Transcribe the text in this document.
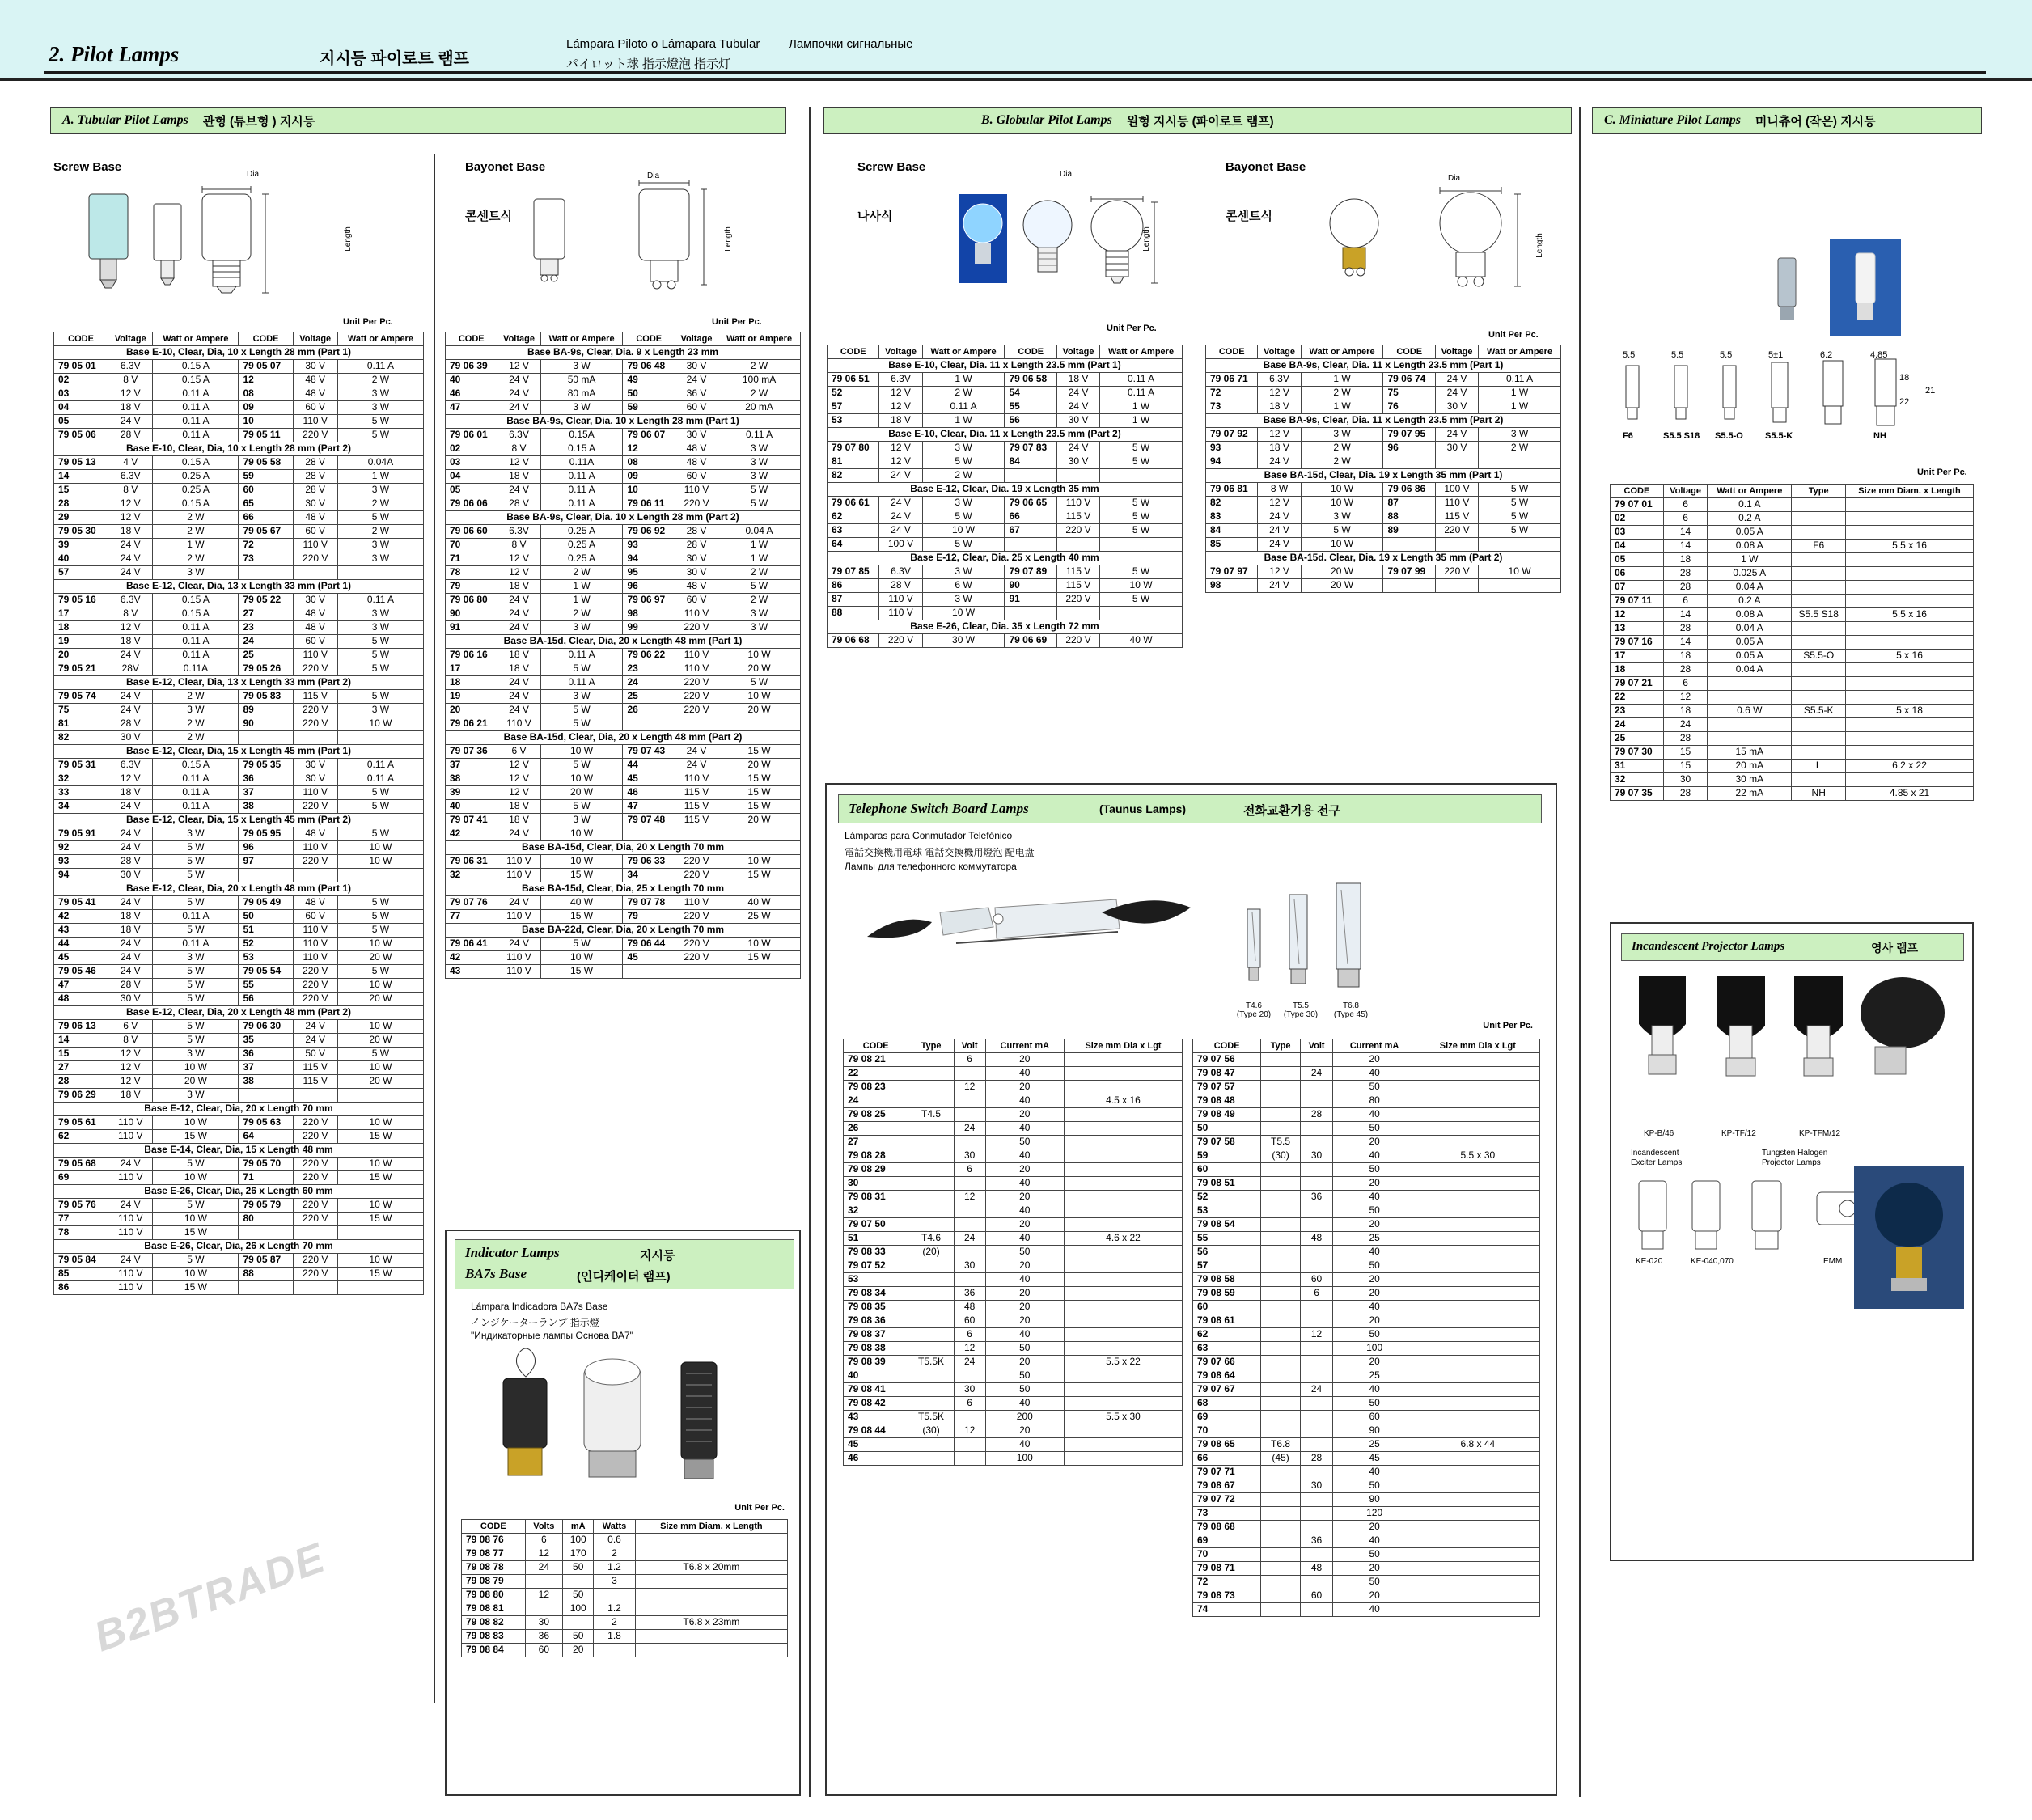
2. Pilot Lamps	지시등 파이로트 램프
Lámpara Piloto o Lámapara Tubular Лампочки сигнальные
パイロット球 指示燈泡 指示灯
A. Tubular Pilot Lamps 관형 (튜브형 ) 지시등	B. Globular Pilot Lamps 원형 지시등 (파이로트 램프)	C. Miniature Pilot Lamps 미니츄어 (작은) 지시등
Screw Base	Bayonet Base
콘센트식
Dia
Length
Unit Per Pc.
Dia
Length
Unit Per Pc.
CODE	Voltage	Watt or Ampere	CODE	Voltage	Watt or Ampere
Base E-10, Clear, Dia, 10 x Length 28 mm (Part 1)					
79 05 01	6.3V	0.15 A	79 05 07	30 V	0.11 A
02	8 V	0.15 A	12	48 V	2 W
03	12 V	0.11 A	08	48 V	3 W
04	18 V	0.11 A	09	60 V	3 W
05	24 V	0.11 A	10	110 V	5 W
79 05 06	28 V	0.11 A	79 05 11	220 V	5 W
Base E-10, Clear, Dia, 10 x Length 28 mm (Part 2)					
79 05 13	4 V	0.15 A	79 05 58	28 V	0.04A
14	6.3V	0.25 A	59	28 V	1 W
15	8 V	0.25 A	60	28 V	3 W
28	12 V	0.15 A	65	30 V	2 W
29	12 V	2 W	66	48 V	5 W
79 05 30	18 V	2 W	79 05 67	60 V	2 W
39	24 V	1 W	72	110 V	3 W
40	24 V	2 W	73	220 V	3 W
57	24 V	3 W			
Base E-12, Clear, Dia, 13 x Length 33 mm (Part 1)					
79 05 16	6.3V	0.15 A	79 05 22	30 V	0.11 A
17	8 V	0.15 A	27	48 V	3 W
18	12 V	0.11 A	23	48 V	3 W
19	18 V	0.11 A	24	60 V	5 W
20	24 V	0.11 A	25	110 V	5 W
79 05 21	28V	0.11A	79 05 26	220 V	5 W
Base E-12, Clear, Dia, 13 x Length 33 mm (Part 2)					
79 05 74	24 V	2 W	79 05 83	115 V	5 W
75	24 V	3 W	89	220 V	3 W
81	28 V	2 W	90	220 V	10 W
82	30 V	2 W			
Base E-12, Clear, Dia, 15 x Length 45 mm (Part 1)					
79 05 31	6.3V	0.15 A	79 05 35	30 V	0.11 A
32	12 V	0.11 A	36	30 V	0.11 A
33	18 V	0.11 A	37	110 V	5 W
34	24 V	0.11 A	38	220 V	5 W
Base E-12, Clear, Dia, 15 x Length 45 mm (Part 2)					
79 05 91	24 V	3 W	79 05 95	48 V	5 W
92	24 V	5 W	96	110 V	10 W
93	28 V	5 W	97	220 V	10 W
94	30 V	5 W			
Base E-12, Clear, Dia, 20 x Length 48 mm (Part 1)					
79 05 41	24 V	5 W	79 05 49	48 V	5 W
42	18 V	0.11 A	50	60 V	5 W
43	18 V	5 W	51	110 V	5 W
44	24 V	0.11 A	52	110 V	10 W
45	24 V	3 W	53	110 V	20 W
79 05 46	24 V	5 W	79 05 54	220 V	5 W
47	28 V	5 W	55	220 V	10 W
48	30 V	5 W	56	220 V	20 W
Base E-12, Clear, Dia, 20 x Length 48 mm (Part 2)					
79 06 13	6 V	5 W	79 06 30	24 V	10 W
14	8 V	5 W	35	24 V	20 W
15	12 V	3 W	36	50 V	5 W
27	12 V	10 W	37	115 V	10 W
28	12 V	20 W	38	115 V	20 W
79 06 29	18 V	3 W			
Base E-12, Clear, Dia, 20 x Length 70 mm					
79 05 61	110 V	10 W	79 05 63	220 V	10 W
62	110 V	15 W	64	220 V	15 W
Base E-14, Clear, Dia, 15 x Length 48 mm					
79 05 68	24 V	5 W	79 05 70	220 V	10 W
69	110 V	10 W	71	220 V	15 W
Base E-26, Clear, Dia, 26 x Length 60 mm					
79 05 76	24 V	5 W	79 05 79	220 V	10 W
77	110 V	10 W	80	220 V	15 W
78	110 V	15 W			
Base E-26, Clear, Dia, 26 x Length 70 mm					
79 05 84	24 V	5 W	79 05 87	220 V	10 W
85	110 V	10 W	88	220 V	15 W
86	110 V	15 W			
CODE	Voltage	Watt or Ampere	CODE	Voltage	Watt or Ampere
Base BA-9s, Clear, Dia. 9 x Length 23 mm					
79 06 39	12 V	3 W	79 06 48	30 V	2 W
40	24 V	50 mA	49	24 V	100 mA
46	24 V	80 mA	50	36 V	2 W
47	24 V	3 W	59	60 V	20 mA
Base BA-9s, Clear, Dia. 10 x Length 28 mm (Part 1)					
79 06 01	6.3V	0.15A	79 06 07	30 V	0.11 A
02	8 V	0.15 A	12	48 V	3 W
03	12 V	0.11A	08	48 V	3 W
04	18 V	0.11 A	09	60 V	3 W
05	24 V	0.11 A	10	110 V	5 W
79 06 06	28 V	0.11 A	79 06 11	220 V	5 W
Base BA-9s, Clear, Dia. 10 x Length 28 mm (Part 2)					
79 06 60	6.3V	0.25 A	79 06 92	28 V	0.04 A
70	8 V	0.25 A	93	28 V	1 W
71	12 V	0.25 A	94	30 V	1 W
78	12 V	2 W	95	30 V	2 W
79	18 V	1 W	96	48 V	5 W
79 06 80	24 V	1 W	79 06 97	60 V	2 W
90	24 V	2 W	98	110 V	3 W
91	24 V	3 W	99	220 V	3 W
Base BA-15d, Clear, Dia, 20 x Length 48 mm (Part 1)					
79 06 16	18 V	0.11 A	79 06 22	110 V	10 W
17	18 V	5 W	23	110 V	20 W
18	24 V	0.11 A	24	220 V	5 W
19	24 V	3 W	25	220 V	10 W
20	24 V	5 W	26	220 V	20 W
79 06 21	110 V	5 W			
Base BA-15d, Clear, Dia, 20 x Length 48 mm (Part 2)					
79 07 36	6 V	10 W	79 07 43	24 V	15 W
37	12 V	5 W	44	24 V	20 W
38	12 V	10 W	45	110 V	15 W
39	12 V	20 W	46	115 V	15 W
40	18 V	5 W	47	115 V	15 W
79 07 41	18 V	3 W	79 07 48	115 V	20 W
42	24 V	10 W			
Base BA-15d, Clear, Dia, 20 x Length 70 mm					
79 06 31	110 V	10 W	79 06 33	220 V	10 W
32	110 V	15 W	34	220 V	15 W
Base BA-15d, Clear, Dia, 25 x Length 70 mm					
79 07 76	24 V	40 W	79 07 78	110 V	40 W
77	110 V	15 W	79	220 V	25 W
Base BA-22d, Clear, Dia, 20 x Length 70 mm					
79 06 41	24 V	5 W	79 06 44	220 V	10 W
42	110 V	10 W	45	220 V	15 W
43	110 V	15 W			
Indicator Lamps	지시등
BA7s Base	(인디케이터 램프)
Lámpara Indicadora BA7s Base
インジケーターランプ 指示燈
"Индикаторные лампы Основа ВА7"
Unit Per Pc.
CODE	Volts	mA	Watts	Size mm Diam. x Length
79 08 76	6	100	0.6	
79 08 77	12	170	2	
79 08 78	24	50	1.2	T6.8 x 20mm
79 08 79			3	
79 08 80	12	50		
79 08 81		100	1.2	
79 08 82	30		2	T6.8 x 23mm
79 08 83	36	50	1.8	
79 08 84	60	20		
Screw Base
나사식
Bayonet Base
콘센트식
Dia
Length
Unit Per Pc.
Dia
Length
Unit Per Pc.
CODE	Voltage	Watt or Ampere	CODE	Voltage	Watt or Ampere
Base E-10, Clear, Dia. 11 x Length 23.5 mm (Part 1)					
79 06 51	6.3V	1 W	79 06 58	18 V	0.11 A
52	12 V	2 W	54	24 V	0.11 A
57	12 V	0.11 A	55	24 V	1 W
53	18 V	1 W	56	30 V	1 W
Base E-10, Clear, Dia. 11 x Length 23.5 mm (Part 2)					
79 07 80	12 V	3 W	79 07 83	24 V	5 W
81	12 V	5 W	84	30 V	5 W
82	24 V	2 W			
Base E-12, Clear, Dia. 19 x Length 35 mm					
79 06 61	24 V	3 W	79 06 65	110 V	5 W
62	24 V	5 W	66	115 V	5 W
63	24 V	10 W	67	220 V	5 W
64	100 V	5 W			
Base E-12, Clear, Dia. 25 x Length 40 mm					
79 07 85	6.3V	3 W	79 07 89	115 V	5 W
86	28 V	6 W	90	115 V	10 W
87	110 V	3 W	91	220 V	5 W
88	110 V	10 W			
Base E-26, Clear, Dia. 35 x Length 72 mm					
79 06 68	220 V	30 W	79 06 69	220 V	40 W
CODE	Voltage	Watt or Ampere	CODE	Voltage	Watt or Ampere
Base BA-9s, Clear, Dia. 11 x Length 23.5 mm (Part 1)					
79 06 71	6.3V	1 W	79 06 74	24 V	0.11 A
72	12 V	2 W	75	24 V	1 W
73	18 V	1 W	76	30 V	1 W
Base BA-9s, Clear, Dia. 11 x Length 23.5 mm (Part 2)					
79 07 92	12 V	3 W	79 07 95	24 V	3 W
93	18 V	2 W	96	30 V	2 W
94	24 V	2 W			
Base BA-15d, Clear, Dia. 19 x Length 35 mm (Part 1)					
79 06 81	8 W	10 W	79 06 86	100 V	5 W
82	12 V	10 W	87	110 V	5 W
83	24 V	3 W	88	115 V	5 W
84	24 V	5 W	89	220 V	5 W
85	24 V	10 W			
Base BA-15d. Clear, Dia. 19 x Length 35 mm (Part 2)					
79 07 97	12 V	20 W	79 07 99	220 V	10 W
98	24 V	20 W			
Telephone Switch Board Lamps	(Taunus Lamps)	전화교환기용 전구
Lámparas para Conmutador Telefónico
電話交換機用電球 電話交換機用燈泡 配电盘
Лампы для телефонного коммутатора
T4.6
(Type 20)
T5.5
(Type 30)
T6.8
(Type 45)
Unit Per Pc.
CODE	Type	Volt	Current mA	Size mm Dia x Lgt
79 08 21		6	20	
22			40	
79 08 23		12	20	
24			40	4.5 x 16
79 08 25	T4.5		20	
26		24	40	
27			50	
79 08 28		30	40	
79 08 29		6	20	
30			40	
79 08 31		12	20	
32			40	
79 07 50			20	
51	T4.6	24	40	4.6 x 22
79 08 33	(20)		50	
79 07 52		30	20	
53			40	
79 08 34		36	20	
79 08 35		48	20	
79 08 36		60	20	
79 08 37		6	40	
79 08 38		12	50	
79 08 39	T5.5K	24	20	5.5 x 22
40			50	
79 08 41		30	50	
79 08 42		6	40	
43	T5.5K		200	5.5 x 30
79 08 44	(30)	12	20	
45			40	
46			100	
CODE	Type	Volt	Current mA	Size mm Dia x Lgt
79 07 56			20	
79 08 47		24	40	
79 07 57			50	
79 08 48			80	
79 08 49		28	40	
50			50	
79 07 58	T5.5		20	
59	(30)	30	40	5.5 x 30
60			50	
79 08 51			20	
52		36	40	
53			50	
79 08 54			20	
55		48	25	
56			40	
57			50	
79 08 58		60	20	
79 08 59		6	20	
60			40	
79 08 61			20	
62		12	50	
63			100	
79 07 66			20	
79 08 64			25	
79 07 67		24	40	
68			50	
69			60	
70			90	
79 08 65	T6.8		25	6.8 x 44
66	(45)	28	45	
79 07 71			40	
79 08 67		30	50	
79 07 72			90	
73			120	
79 08 68			20	
69		36	40	
70			50	
79 08 71		48	20	
72			50	
79 08 73		60	20	
74			40	
5.5	5.5	5.5	5±1	6.2	4.85
18
22
21
F6	S5.5 S18 S5.5-O S5.5-K	NH
Unit Per Pc.
CODE	Voltage	Watt or Ampere	Type	Size mm Diam. x Length
79 07 01	6	0.1 A		
02	6	0.2 A		
03	14	0.05 A		
04	14	0.08 A	F6	5.5 x 16
05	18	1 W		
06	28	0.025 A		
07	28	0.04 A		
79 07 11	6	0.2 A		
12	14	0.08 A	S5.5 S18	5.5 x 16
13	28	0.04 A		
79 07 16	14	0.05 A		
17	18	0.05 A	S5.5-O	5 x 16
18	28	0.04 A		
79 07 21	6			
22	12			
23	18	0.6 W	S5.5-K	5 x 18
24	24			
25	28			
79 07 30	15	15 mA		
31	15	20 mA	L	6.2 x 22
32	30	30 mA		
79 07 35	28	22 mA	NH	4.85 x 21
Incandescent Projector Lamps	영사 램프
KP-B/46	KP-TF/12	KP-TFM/12
Incandescent
Exciter Lamps
Tungsten Halogen
Projector Lamps
KE-020	KE-040,070	EMM
B2BTRADE
